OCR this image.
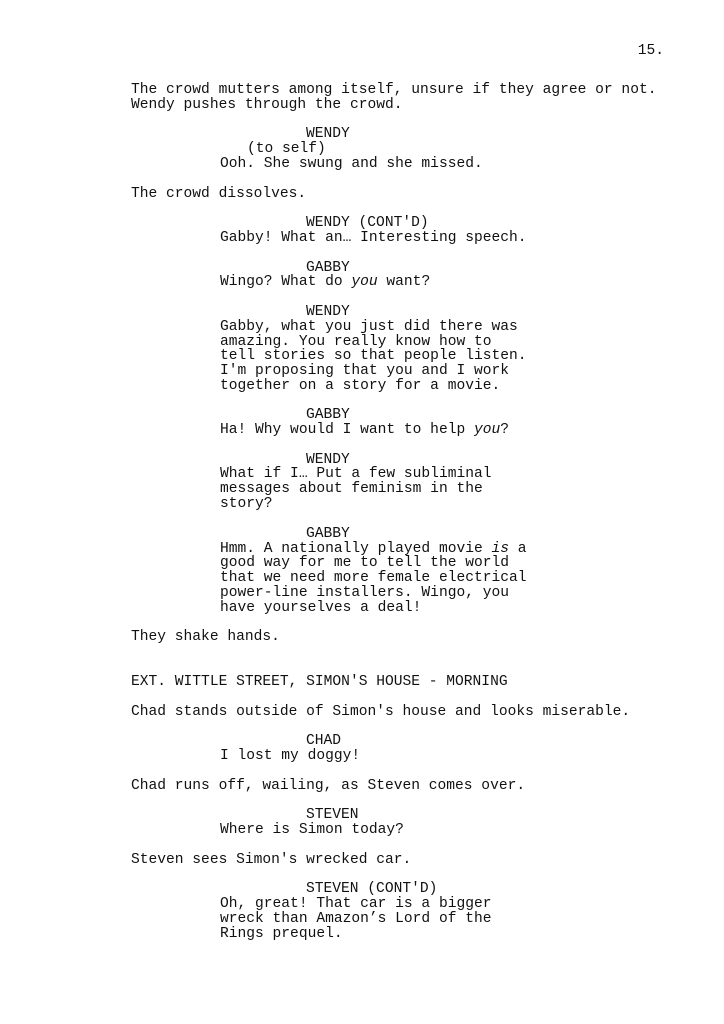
15.
The crowd mutters among itself, unsure if they agree or not.
Wendy pushes through the crowd.
WENDY
(to self)
Ooh. She swung and she missed.
The crowd dissolves.
WENDY (CONT'D)
Gabby! What an… Interesting speech.
GABBY
Wingo? What do you want?
WENDY
Gabby, what you just did there was
amazing. You really know how to
tell stories so that people listen.
I'm proposing that you and I work
together on a story for a movie.
GABBY
Ha! Why would I want to help you?
WENDY
What if I… Put a few subliminal
messages about feminism in the
story?
GABBY
Hmm. A nationally played movie is a
good way for me to tell the world
that we need more female electrical
power-line installers. Wingo, you
have yourselves a deal!
They shake hands.
EXT. WITTLE STREET, SIMON'S HOUSE - MORNING
Chad stands outside of Simon's house and looks miserable.
CHAD
I lost my doggy!
Chad runs off, wailing, as Steven comes over.
STEVEN
Where is Simon today?
Steven sees Simon's wrecked car.
STEVEN (CONT'D)
Oh, great! That car is a bigger
wreck than Amazon’s Lord of the
Rings prequel.
